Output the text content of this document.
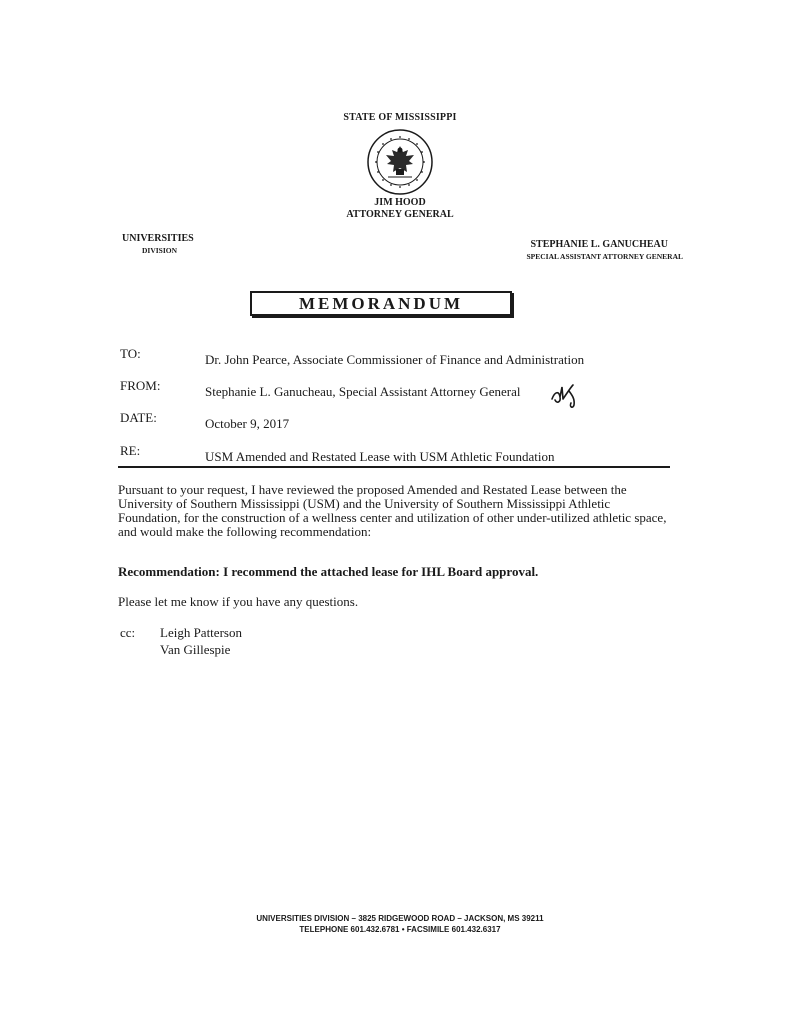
STATE OF MISSISSIPPI
JIM HOOD
ATTORNEY GENERAL
UNIVERSITIES
DIVISION
STEPHANIE L. GANUCHEAU
SPECIAL ASSISTANT ATTORNEY GENERAL
MEMORANDUM
TO:	Dr. John Pearce, Associate Commissioner of Finance and Administration
FROM:	Stephanie L. Ganucheau, Special Assistant Attorney General
DATE:	October 9, 2017
RE:	USM Amended and Restated Lease with USM Athletic Foundation
Pursuant to your request, I have reviewed the proposed Amended and Restated Lease between the University of Southern Mississippi (USM) and the University of Southern Mississippi Athletic Foundation, for the construction of a wellness center and utilization of other under-utilized athletic space, and would make the following recommendation:
Recommendation: I recommend the attached lease for IHL Board approval.
Please let me know if you have any questions.
cc: Leigh Patterson
Van Gillespie
UNIVERSITIES DIVISION – 3825 RIDGEWOOD ROAD – JACKSON, MS 39211
TELEPHONE 601.432.6781 • FACSIMILE 601.432.6317
